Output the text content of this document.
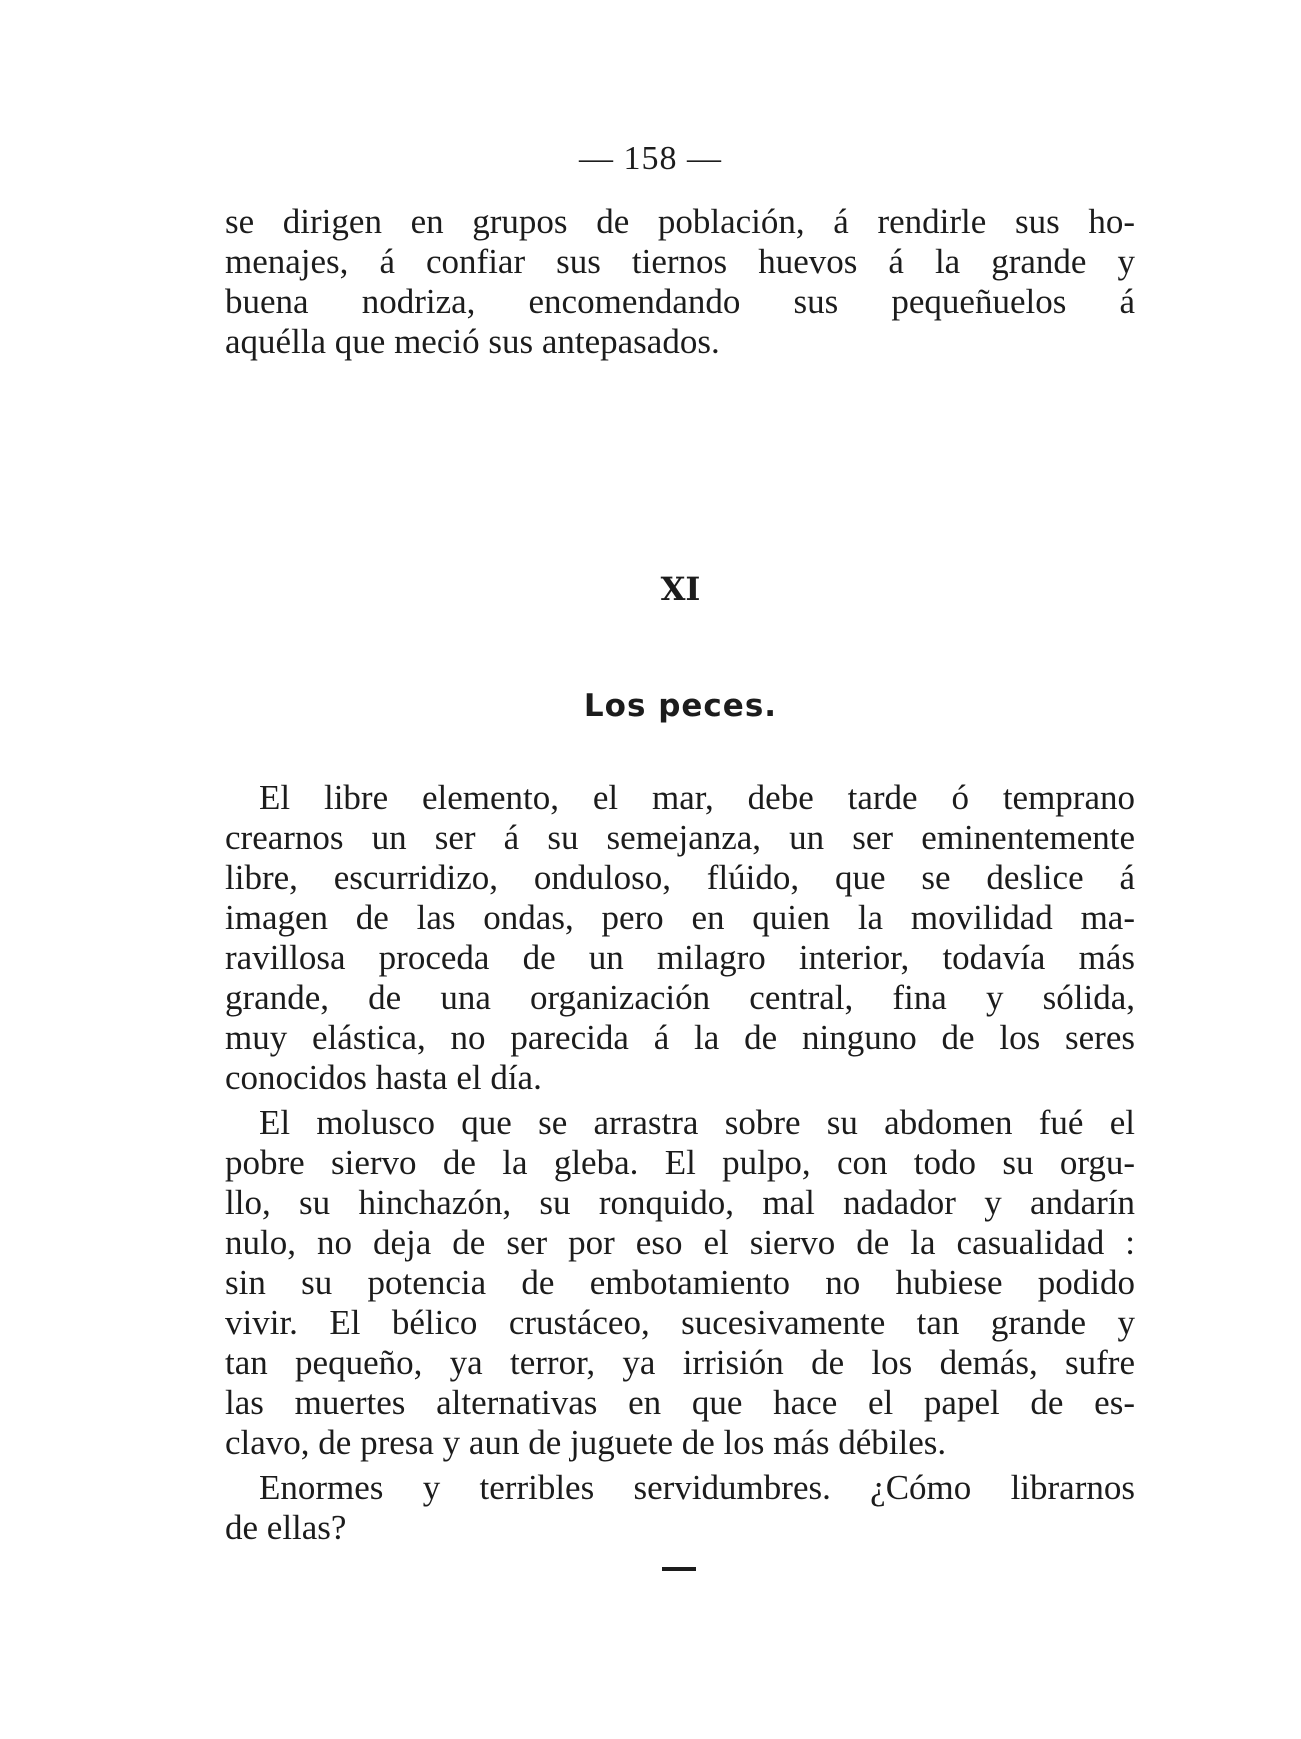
— 158 —

se dirigen en grupos de población, á rendirle sus ho-
menajes, á confiar sus tiernos huevos á la grande y
buena nodriza, encomendando sus pequeñuelos á
aquélla que meció sus antepasados.

XI
Los peces.

El libre elemento, el mar, debe tarde ó temprano
crearnos un ser á su semejanza, un ser eminentemente
libre, escurridizo, onduloso, flúido, que se deslice á
imagen de las ondas, pero en quien la movilidad ma-
ravillosa proceda de un milagro interior, todavía más
grande, de una organización central, fina y sólida,
muy elástica, no parecida á la de ninguno de los seres
conocidos hasta el día.

El molusco que se arrastra sobre su abdomen fué el
pobre siervo de la gleba. El pulpo, con todo su orgu-
llo, su hinchazón, su ronquido, mal nadador y andarín
nulo, no deja de ser por eso el siervo de la casualidad :
sin su potencia de embotamiento no hubiese podido
vivir. El bélico crustáceo, sucesivamente tan grande y
tan pequeño, ya terror, ya irrisión de los demás, sufre
las muertes alternativas en que hace el papel de es-
clavo, de presa y aun de juguete de los más débiles.

Enormes y terribles servidumbres. ¿Cómo librarnos
de ellas?
